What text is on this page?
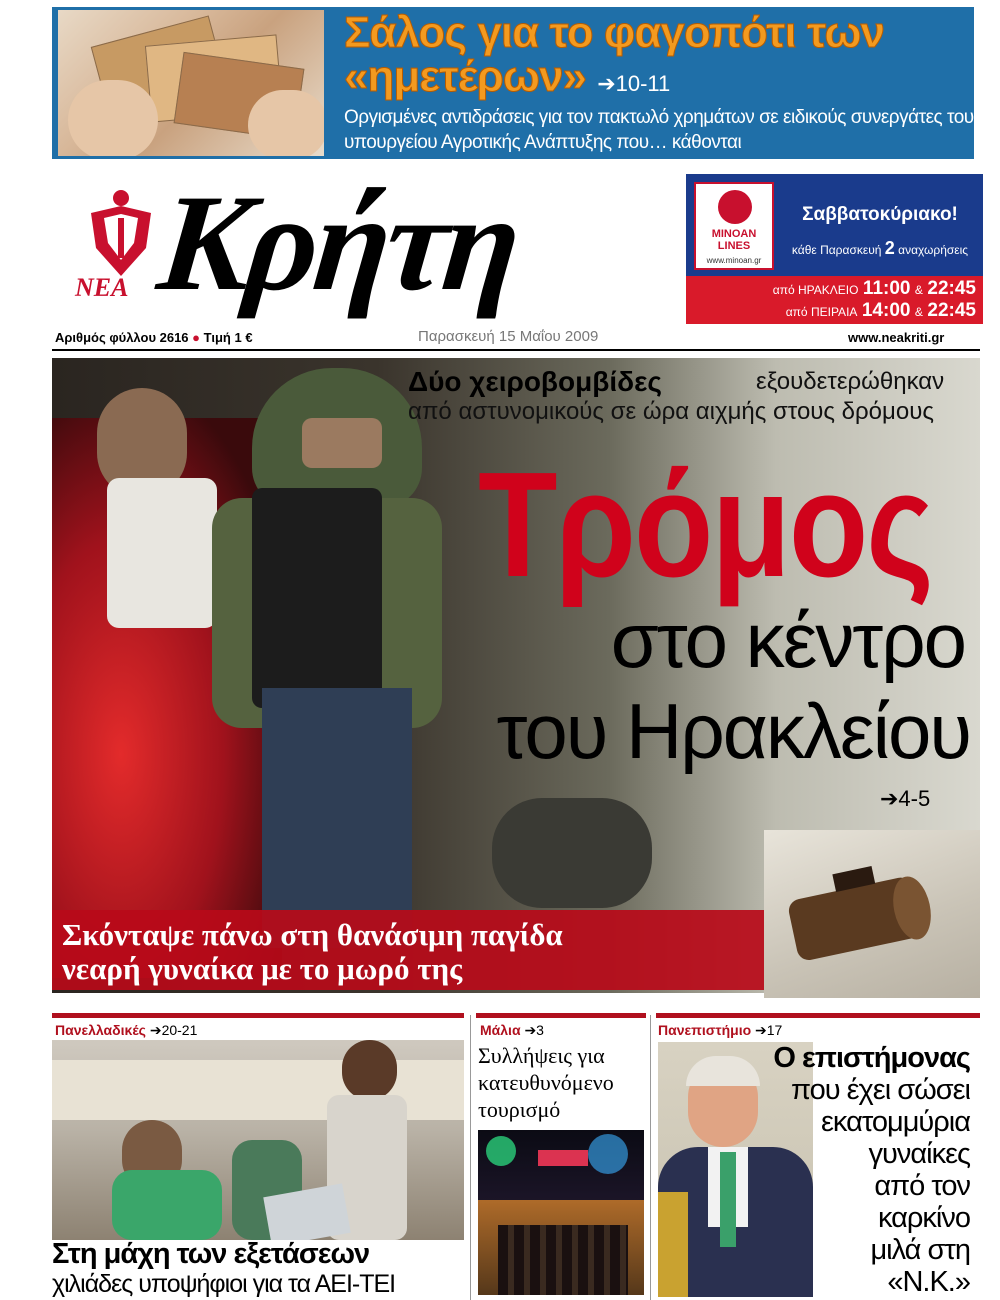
Σάλος για το φαγοπότι των «ημετέρων» ➔10-11
Οργισμένες αντιδράσεις για τον πακτωλό χρημάτων σε ειδικούς συνεργάτες του υπουργείου Αγροτικής Ανάπτυξης που… κάθονται
ΝΕΑ Κρήτη	MINOAN LINES
www.minoan.gr
Σαββατοκύριακο!
κάθε Παρασκευή 2 αναχωρήσεις
από ΗΡΑΚΛΕΙΟ 11:00 & 22:45
από ΠΕΙΡΑΙΑ 14:00 & 22:45
Αριθμός φύλλου 2616 ● Τιμή 1 €	Παρασκευή 15 Μαΐου 2009	www.neakriti.gr
Δύο χειροβομβίδες	εξουδετερώθηκαν
από αστυνομικούς σε ώρα αιχμής στους δρόμους
Τρόμος
στο κέντρο
του Ηρακλείου
➔4-5
Σκόνταψε πάνω στη θανάσιμη παγίδα
νεαρή γυναίκα με το μωρό της
Πανελλαδικές ➔20-21
Στη μάχη των εξετάσεων
χιλιάδες υποψήφιοι για τα ΑΕΙ-ΤΕΙ
Μάλια ➔3
Συλλήψεις για κατευθυνόμενο τουρισμό
Πανεπιστήμιο ➔17
Ο επιστήμονας
που έχει σώσει
εκατομμύρια
γυναίκες
από τον
καρκίνο
μιλά στη
«Ν.Κ.»
